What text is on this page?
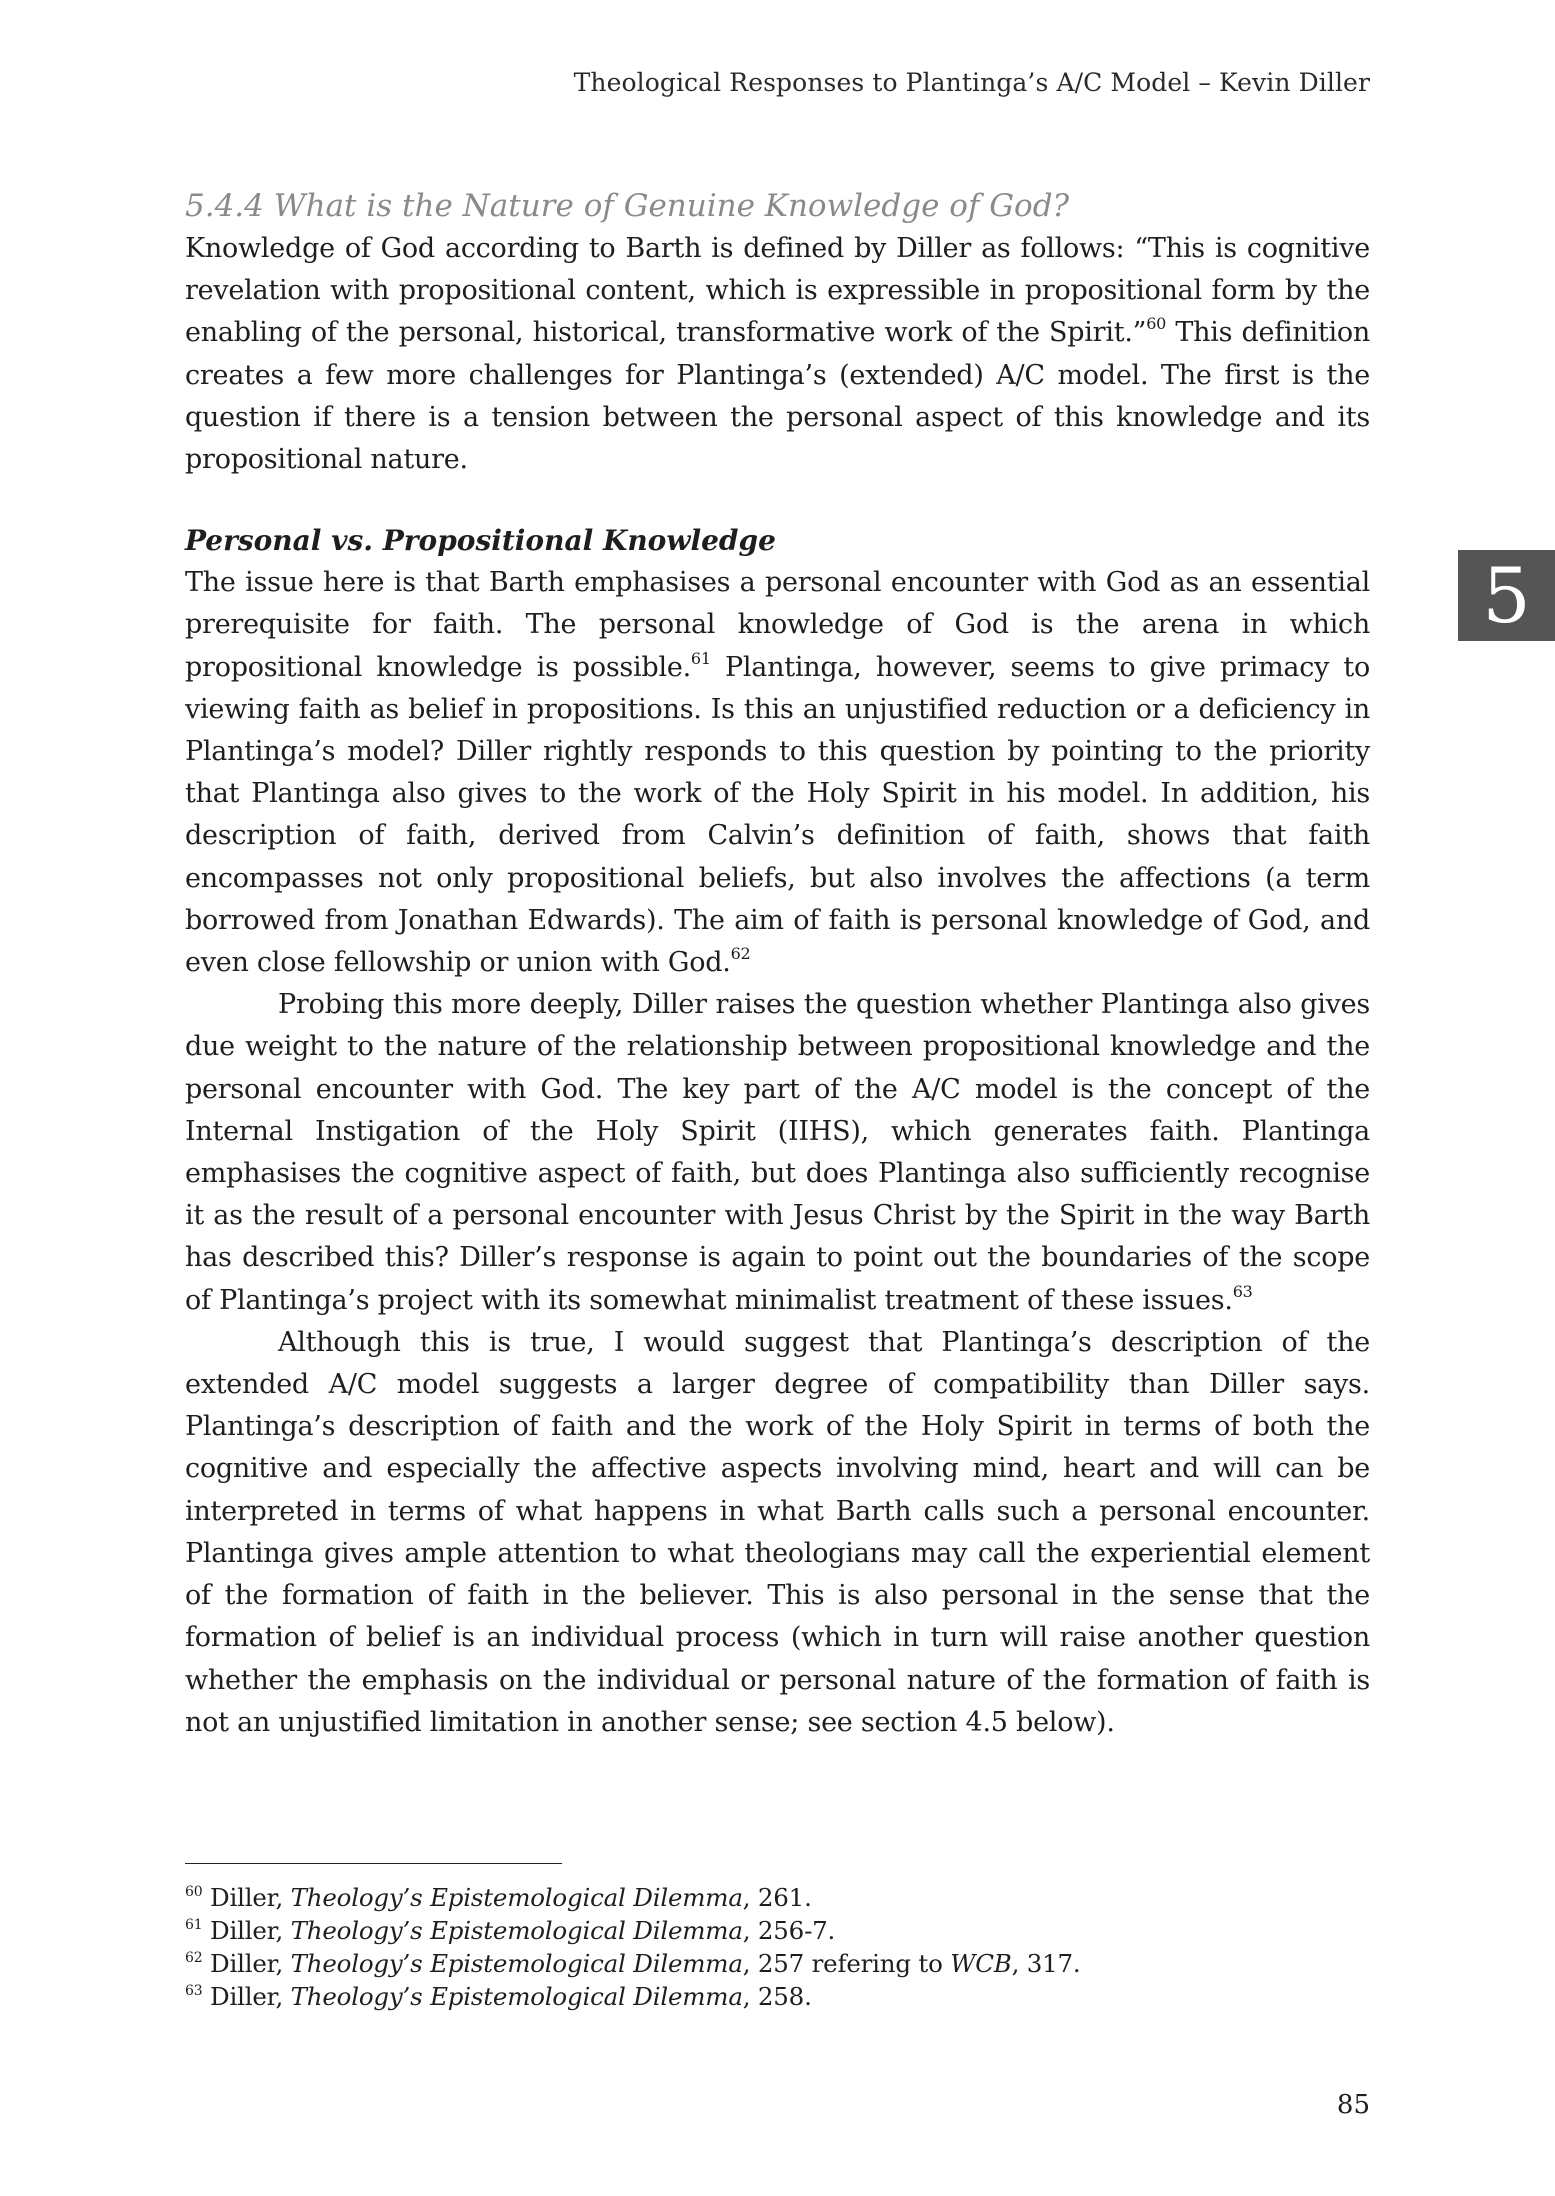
Theological Responses to Plantinga’s A/C Model – Kevin Diller
5
5.4.4 What is the Nature of Genuine Knowledge of God?

Knowledge of God according to Barth is defined by Diller as follows: “This is cognitive revelation with propositional content, which is expressible in propositional form by the enabling of the personal, historical, transformative work of the Spirit.”$^{60}$ This definition creates a few more challenges for Plantinga’s (extended) A/C model. The first is the question if there is a tension between the personal aspect of this knowledge and its propositional nature.

Personal vs. Propositional Knowledge

The issue here is that Barth emphasises a personal encounter with God as an essential prerequisite for faith. The personal knowledge of God is the arena in which propositional knowledge is possible.$^{61}$ Plantinga, however, seems to give primacy to viewing faith as belief in propositions. Is this an unjustified reduction or a deficiency in Plantinga’s model? Diller rightly responds to this question by pointing to the priority that Plantinga also gives to the work of the Holy Spirit in his model. In addition, his description of faith, derived from Calvin’s definition of faith, shows that faith encompasses not only propositional beliefs, but also involves the affections (a term borrowed from Jonathan Edwards). The aim of faith is personal knowledge of God, and even close fellowship or union with God.$^{62}$

Probing this more deeply, Diller raises the question whether Plantinga also gives due weight to the nature of the relationship between propositional knowledge and the personal encounter with God. The key part of the A/C model is the concept of the Internal Instigation of the Holy Spirit (IIHS), which generates faith. Plantinga emphasises the cognitive aspect of faith, but does Plantinga also sufficiently recognise it as the result of a personal encounter with Jesus Christ by the Spirit in the way Barth has described this? Diller’s response is again to point out the boundaries of the scope of Plantinga’s project with its somewhat minimalist treatment of these issues.$^{63}$

Although this is true, I would suggest that Plantinga’s description of the extended A/C model suggests a larger degree of compatibility than Diller says. Plantinga’s description of faith and the work of the Holy Spirit in terms of both the cognitive and especially the affective aspects involving mind, heart and will can be interpreted in terms of what happens in what Barth calls such a personal encounter. Plantinga gives ample attention to what theologians may call the experiential element of the formation of faith in the believer. This is also personal in the sense that the formation of belief is an individual process (which in turn will raise another question whether the emphasis on the individual or personal nature of the formation of faith is not an unjustified limitation in another sense; see section 4.5 below).

$^{60}$ Diller, Theology’s Epistemological Dilemma, 261.
$^{61}$ Diller, Theology’s Epistemological Dilemma, 256-7.
$^{62}$ Diller, Theology’s Epistemological Dilemma, 257 refering to WCB, 317.
$^{63}$ Diller, Theology’s Epistemological Dilemma, 258.
85
